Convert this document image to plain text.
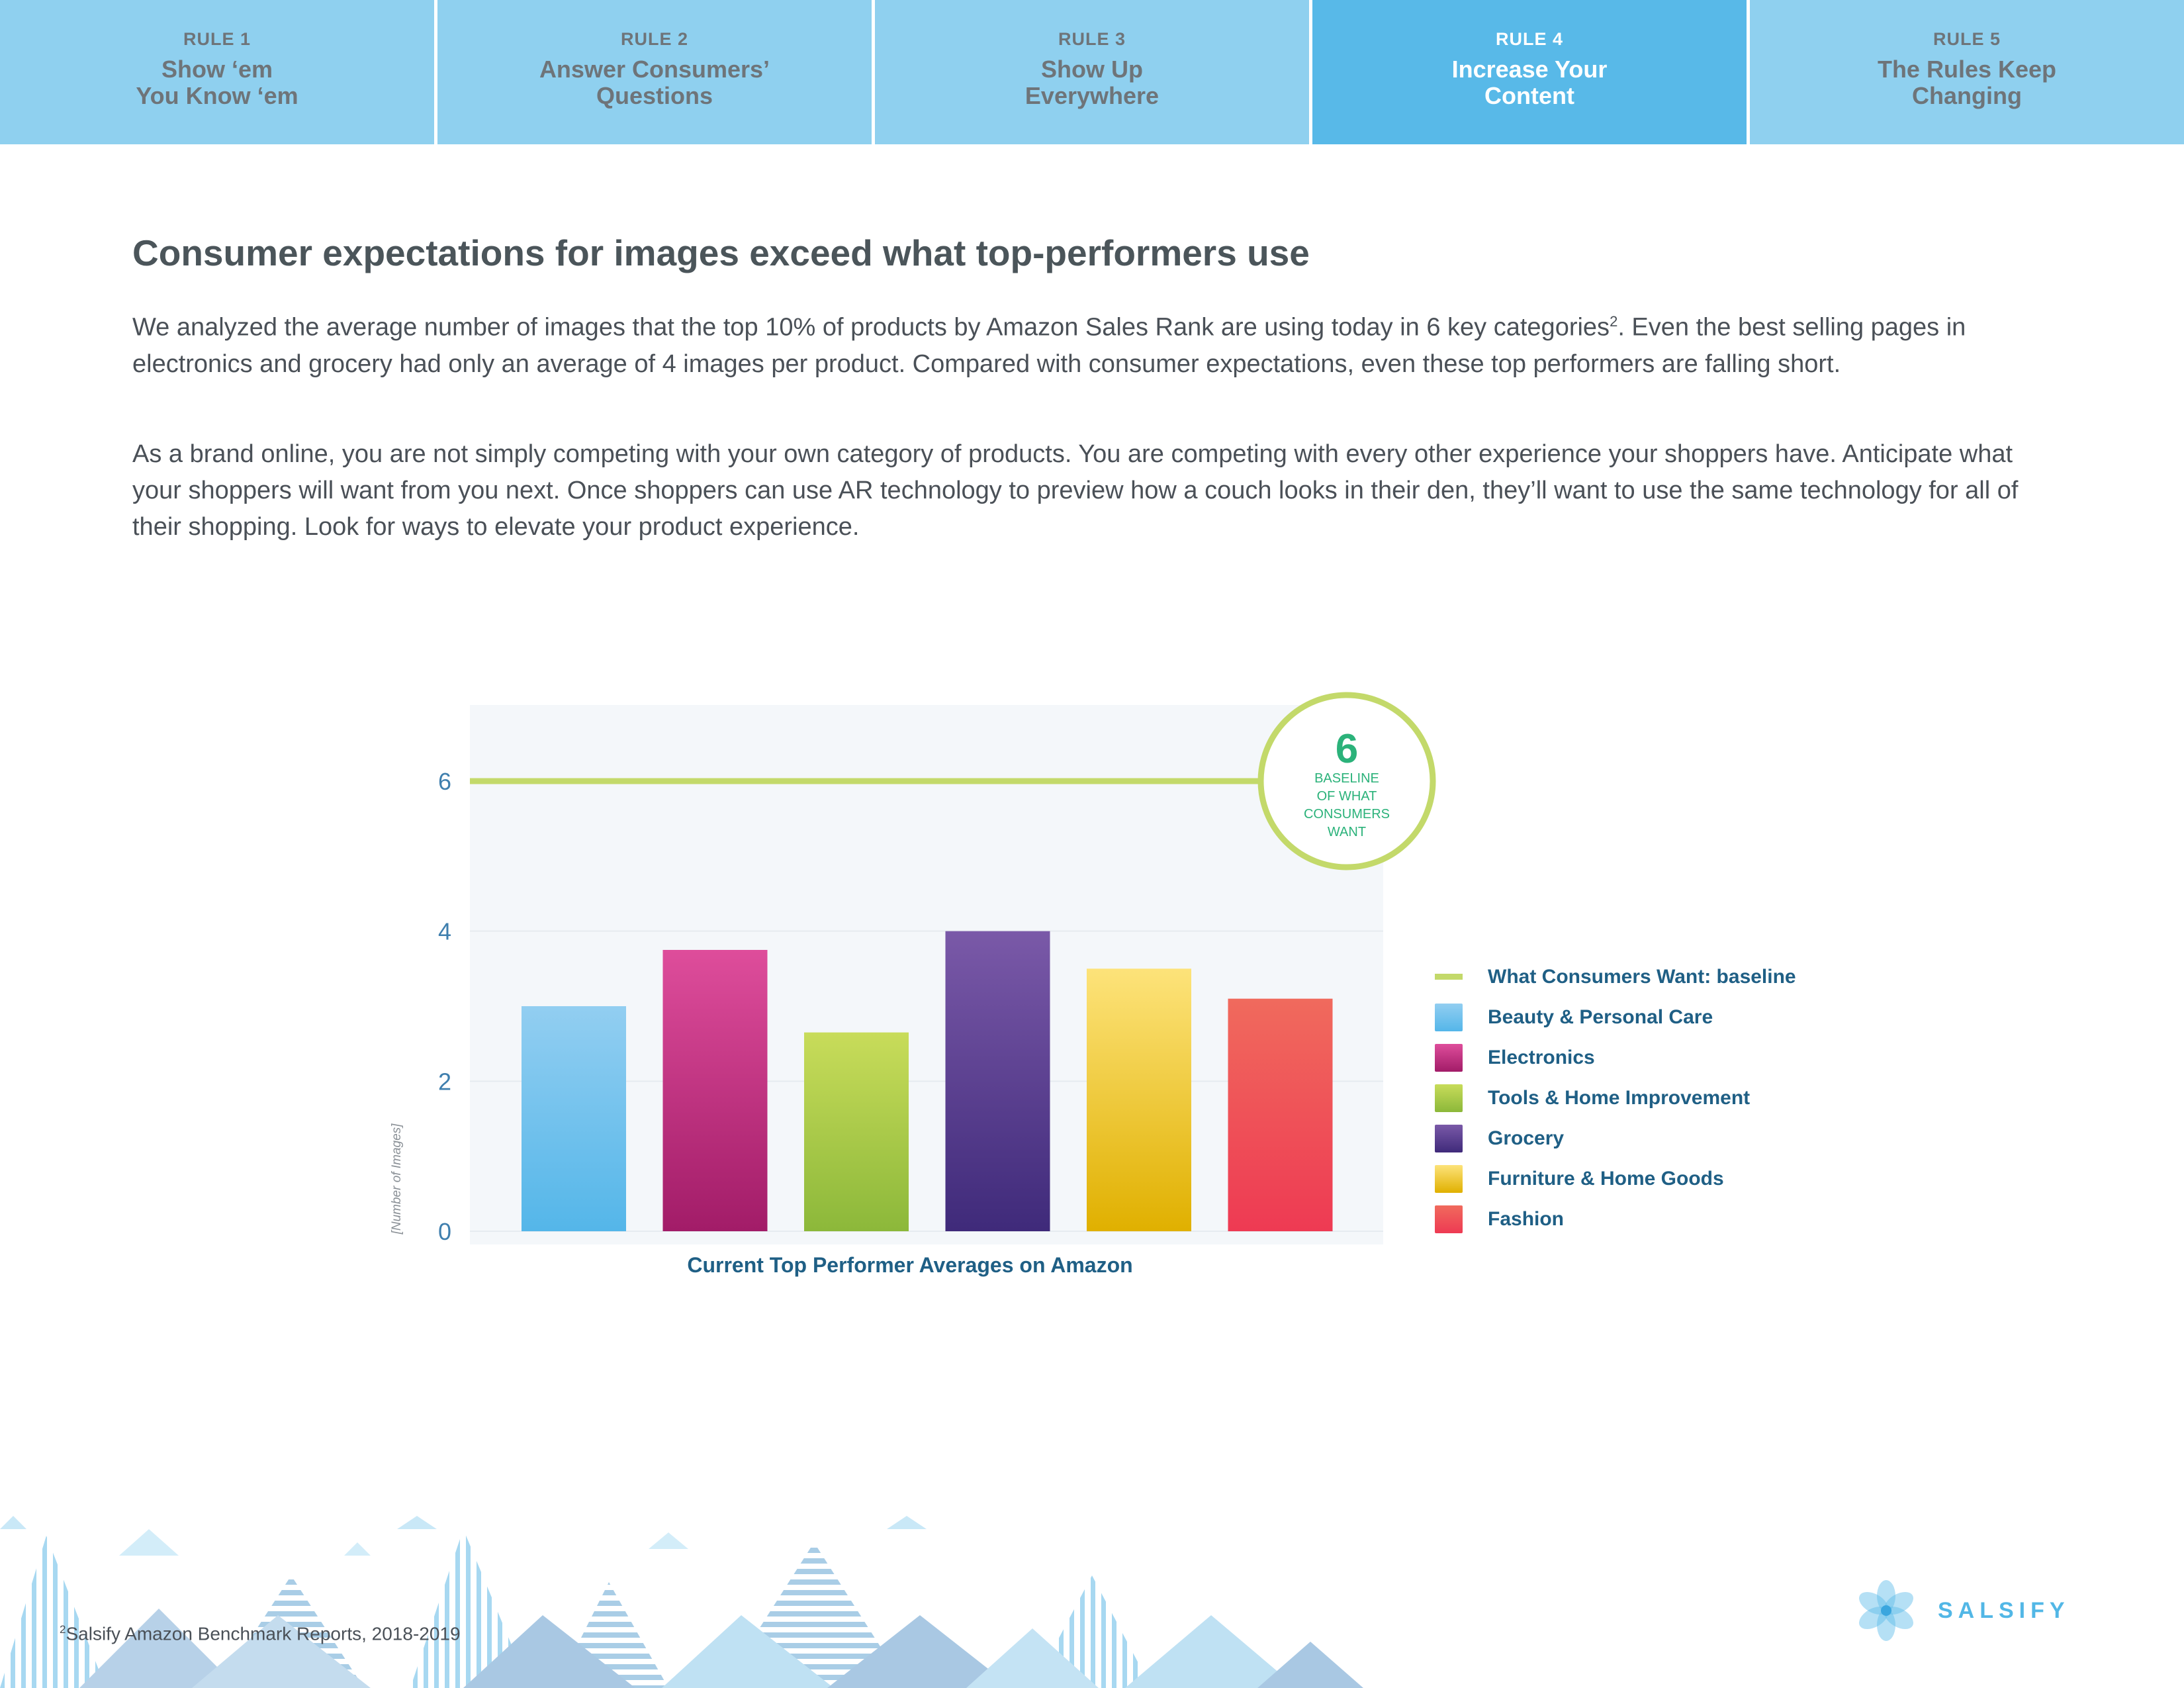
RULE 1
Show ‘em
You Know ‘em
RULE 2
Answer Consumers’
Questions
RULE 3
Show Up
Everywhere
RULE 4
Increase Your
Content
RULE 5
The Rules Keep
Changing
Consumer expectations for images exceed what top-performers use

We analyzed the average number of images that the top 10% of products by Amazon Sales Rank are using today in 6 key categories$^2$. Even the best selling pages in electronics and grocery had only an average of 4 images per product. Compared with consumer expectations, even these top performers are falling short.

As a brand online, you are not simply competing with your own category of products. You are competing with every other experience your shoppers have. Anticipate what your shoppers will want from you next. Once shoppers can use AR technology to preview how a couch looks in their den, they’ll want to use the same technology for all of their shopping. Look for ways to elevate your product experience.

0
2
4
6
6
BASELINE
OF WHAT
CONSUMERS
WANT
[Number of Images]
Current Top Performer Averages on Amazon
What Consumers Want: baseline
Beauty & Personal Care
Electronics
Tools & Home Improvement
Grocery
Furniture & Home Goods
Fashion
$^2$Salsify Amazon Benchmark Reports, 2018-2019
SALSIFY
